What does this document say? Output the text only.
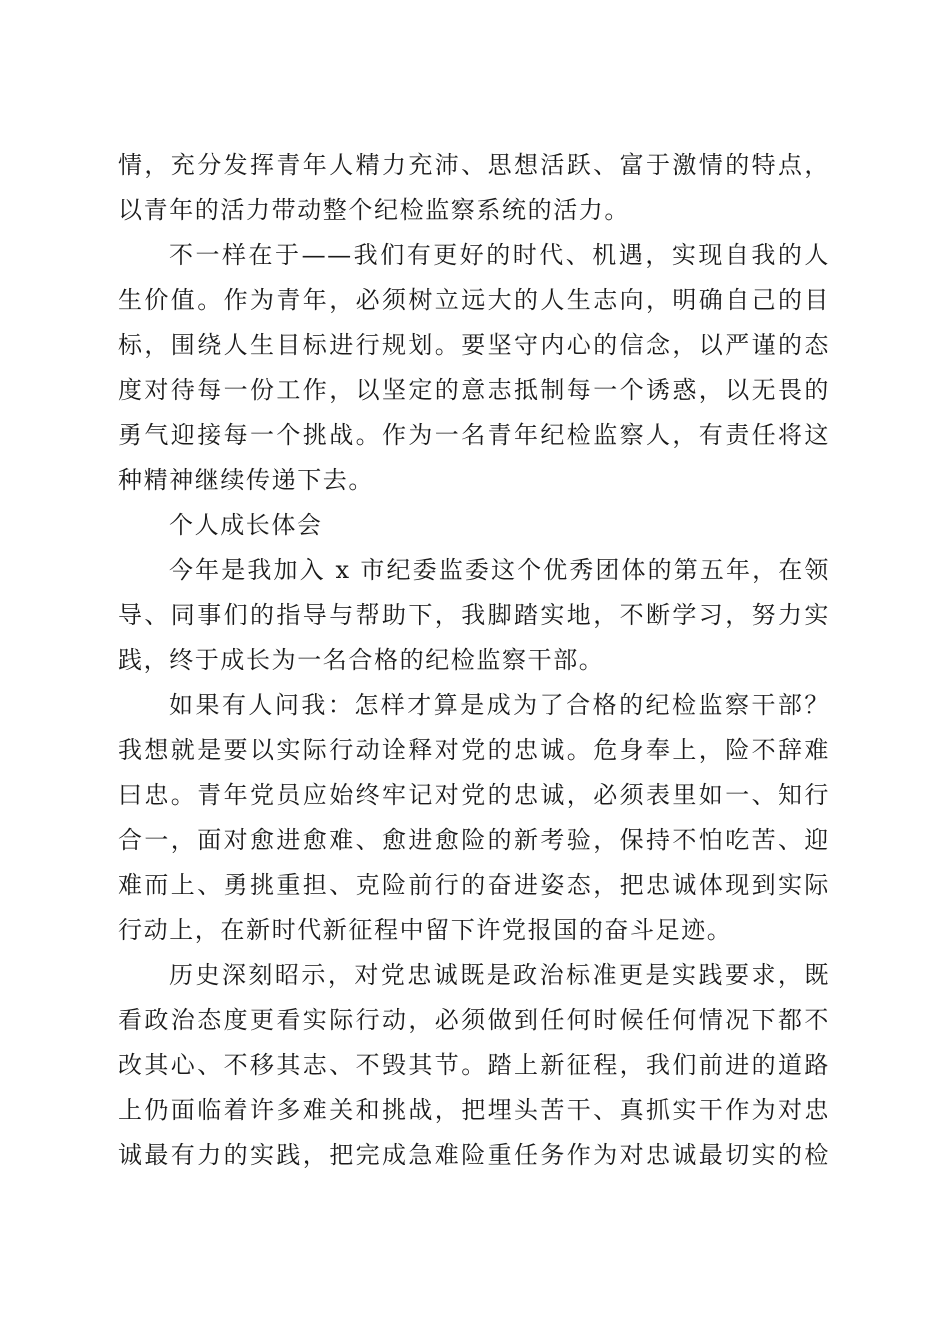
情，充分发挥青年人精力充沛、思想活跃、富于激情的特点，
以青年的活力带动整个纪检监察系统的活力。

不一样在于——我们有更好的时代、机遇，实现自我的人
生价值。作为青年，必须树立远大的人生志向，明确自己的目
标，围绕人生目标进行规划。要坚守内心的信念，以严谨的态
度对待每一份工作，以坚定的意志抵制每一个诱惑，以无畏的
勇气迎接每一个挑战。作为一名青年纪检监察人，有责任将这
种精神继续传递下去。

个人成长体会

今年是我加入 x 市纪委监委这个优秀团体的第五年，在领
导、同事们的指导与帮助下，我脚踏实地，不断学习，努力实
践，终于成长为一名合格的纪检监察干部。

如果有人问我：怎样才算是成为了合格的纪检监察干部？
我想就是要以实际行动诠释对党的忠诚。危身奉上，险不辞难
曰忠。青年党员应始终牢记对党的忠诚，必须表里如一、知行
合一，面对愈进愈难、愈进愈险的新考验，保持不怕吃苦、迎
难而上、勇挑重担、克险前行的奋进姿态，把忠诚体现到实际
行动上，在新时代新征程中留下许党报国的奋斗足迹。

历史深刻昭示，对党忠诚既是政治标准更是实践要求，既
看政治态度更看实际行动，必须做到任何时候任何情况下都不
改其心、不移其志、不毁其节。踏上新征程，我们前进的道路
上仍面临着许多难关和挑战，把埋头苦干、真抓实干作为对忠
诚最有力的实践，把完成急难险重任务作为对忠诚最切实的检
